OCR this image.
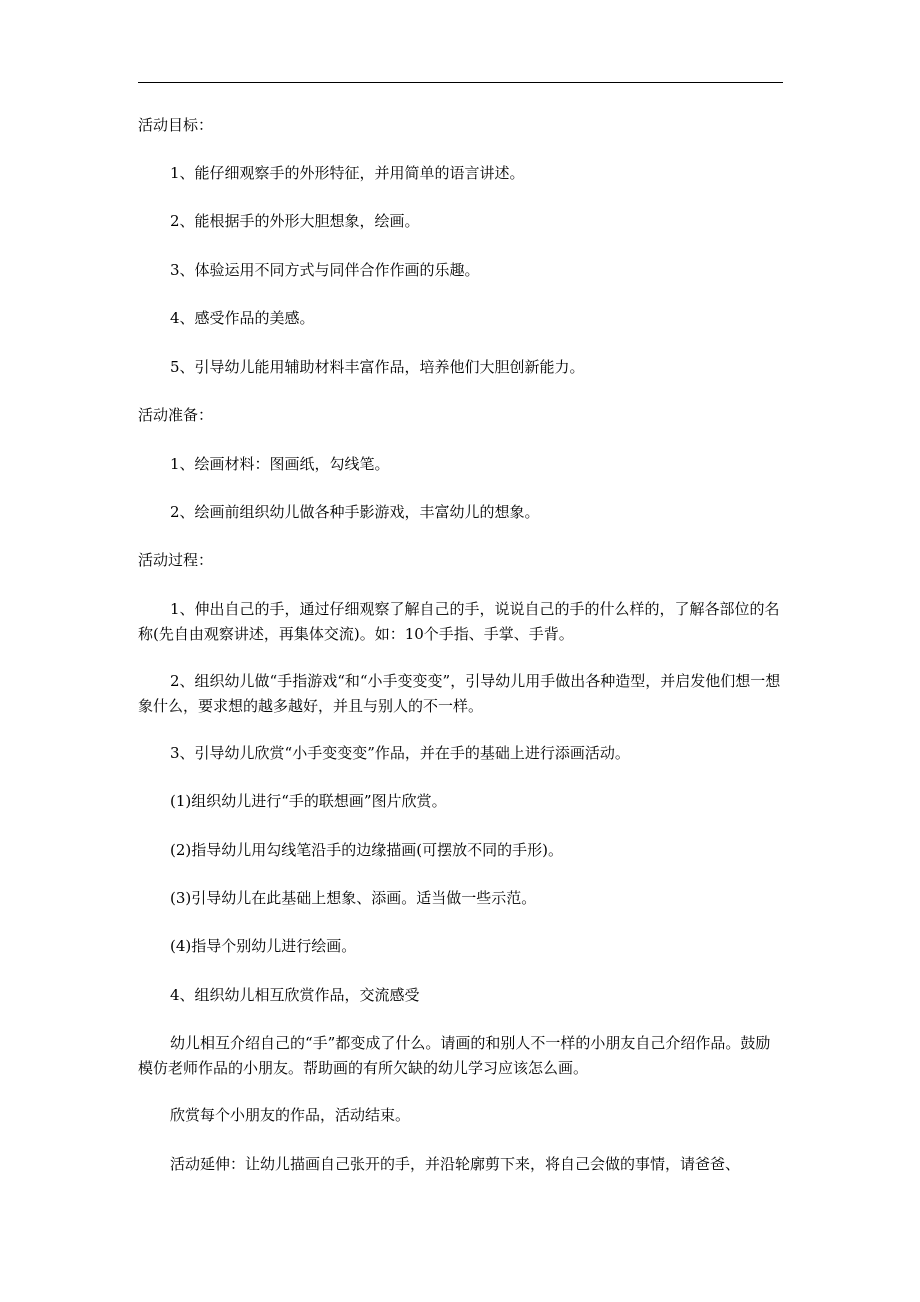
活动目标：
1、能仔细观察手的外形特征，并用简单的语言讲述。
2、能根据手的外形大胆想象，绘画。
3、体验运用不同方式与同伴合作作画的乐趣。
4、感受作品的美感。
5、引导幼儿能用辅助材料丰富作品，培养他们大胆创新能力。
活动准备：
1、绘画材料：图画纸，勾线笔。
2、绘画前组织幼儿做各种手影游戏，丰富幼儿的想象。
活动过程：
1、伸出自己的手，通过仔细观察了解自己的手，说说自己的手的什么样的，了解各部位的名称(先自由观察讲述，再集体交流)。如：10个手指、手掌、手背。
2、组织幼儿做“手指游戏“和“小手变变变”，引导幼儿用手做出各种造型，并启发他们想一想象什么，要求想的越多越好，并且与别人的不一样。
3、引导幼儿欣赏“小手变变变”作品，并在手的基础上进行添画活动。
(1)组织幼儿进行“手的联想画”图片欣赏。
(2)指导幼儿用勾线笔沿手的边缘描画(可摆放不同的手形)。
(3)引导幼儿在此基础上想象、添画。适当做一些示范。
(4)指导个别幼儿进行绘画。
4、组织幼儿相互欣赏作品，交流感受
幼儿相互介绍自己的“手”都变成了什么。请画的和别人不一样的小朋友自己介绍作品。鼓励模仿老师作品的小朋友。帮助画的有所欠缺的幼儿学习应该怎么画。
欣赏每个小朋友的作品，活动结束。
活动延伸：让幼儿描画自己张开的手，并沿轮廓剪下来，将自己会做的事情，请爸爸、
